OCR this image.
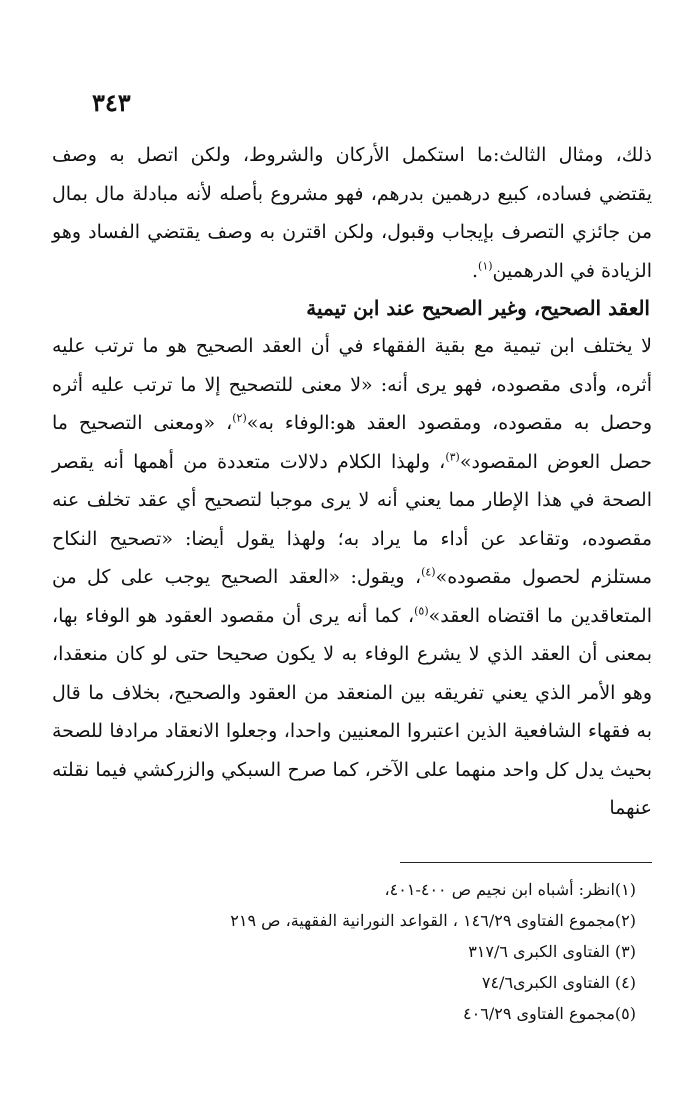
٣٤٣

ذلك، ومثال الثالث:ما استكمل الأركان والشروط، ولكن اتصل به وصف يقتضي فساده، كبيع درهمين بدرهم، فهو مشروع بأصله لأنه مبادلة مال بمال من جائزي التصرف بإيجاب وقبول، ولكن اقترن به وصف يقتضي الفساد وهو الزيادة في الدرهمين$^{(١)}$.

العقد الصحيح، وغير الصحيح عند ابن تيمية

لا يختلف ابن تيمية مع بقية الفقهاء في أن العقد الصحيح هو ما ترتب عليه أثره، وأدى مقصوده، فهو يرى أنه: «لا معنى للتصحيح إلا ما ترتب عليه أثره وحصل به مقصوده، ومقصود العقد هو:الوفاء به»$^{(٢)}$، «ومعنى التصحيح ما حصل العوض المقصود»$^{(٣)}$، ولهذا الكلام دلالات متعددة من أهمها أنه يقصر الصحة في هذا الإطار مما يعني أنه لا يرى موجبا لتصحيح أي عقد تخلف عنه مقصوده، وتقاعد عن أداء ما يراد به؛ ولهذا يقول أيضا: «تصحيح النكاح مستلزم لحصول مقصوده»$^{(٤)}$، ويقول: «العقد الصحيح يوجب على كل من المتعاقدين ما اقتضاه العقد»$^{(٥)}$، كما أنه يرى أن مقصود العقود هو الوفاء بها، بمعنى أن العقد الذي لا يشرع الوفاء به لا يكون صحيحا حتى لو كان منعقدا، وهو الأمر الذي يعني تفريقه بين المنعقد من العقود والصحيح، بخلاف ما قال به فقهاء الشافعية الذين اعتبروا المعنيين واحدا، وجعلوا الانعقاد مرادفا للصحة بحيث يدل كل واحد منهما على الآخر، كما صرح السبكي والزركشي فيما نقلته عنهما

(١)انظر: أشباه ابن نجيم ص ٤٠٠-٤٠١،
(٢)مجموع الفتاوى ١٤٦/٢٩ ، القواعد النورانية الفقهية، ص ٢١٩
(٣) الفتاوى الكبرى ٣١٧/٦
(٤) الفتاوى الكبرى٧٤/٦
(٥)مجموع الفتاوى ٤٠٦/٢٩
